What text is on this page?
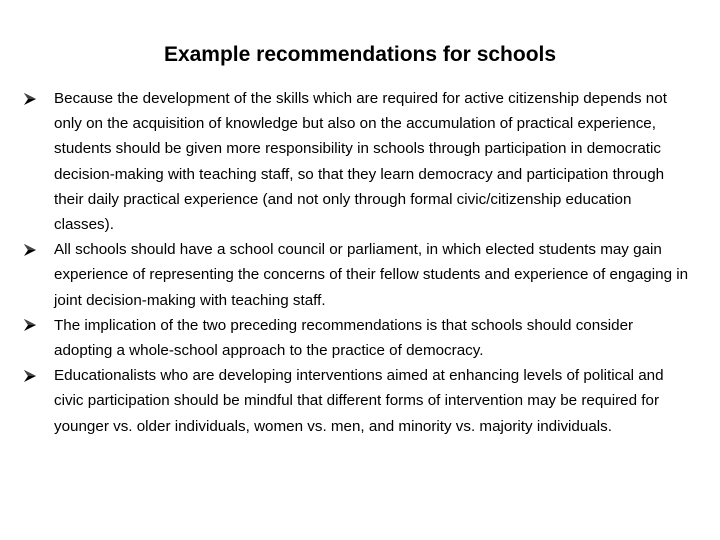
Example recommendations for schools
Because the development of the skills which are required for active citizenship depends not only on the acquisition of knowledge but also on the accumulation of practical experience, students should be given more responsibility in schools through participation in democratic decision-making with teaching staff, so that they learn democracy and participation through their daily practical experience (and not only through formal civic/citizenship education classes).
All schools should have a school council or parliament, in which elected students may gain experience of representing the concerns of their fellow students and experience of engaging in joint decision-making with teaching staff.
The implication of the two preceding recommendations is that schools should consider adopting a whole-school approach to the practice of democracy.
Educationalists who are developing interventions aimed at enhancing levels of political and civic participation should be mindful that different forms of intervention may be required for younger vs. older individuals, women vs. men, and minority vs. majority individuals.
